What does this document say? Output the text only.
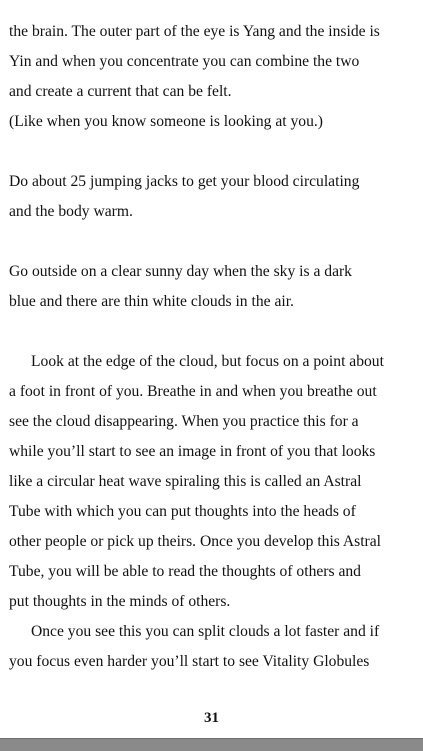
the brain. The outer part of the eye is Yang and the inside is
Yin and when you concentrate you can combine the two
and create a current that can be felt.
(Like when you know someone is looking at you.)
Do about 25 jumping jacks to get your blood circulating
and the body warm.
Go outside on a clear sunny day when the sky is a dark
blue and there are thin white clouds in the air.
Look at the edge of the cloud, but focus on a point about
a foot in front of you. Breathe in and when you breathe out
see the cloud disappearing. When you practice this for a
while you’ll start to see an image in front of you that looks
like a circular heat wave spiraling this is called an Astral
Tube with which you can put thoughts into the heads of
other people or pick up theirs. Once you develop this Astral
Tube, you will be able to read the thoughts of others and
put thoughts in the minds of others.
Once you see this you can split clouds a lot faster and if
you focus even harder you’ll start to see Vitality Globules
31
